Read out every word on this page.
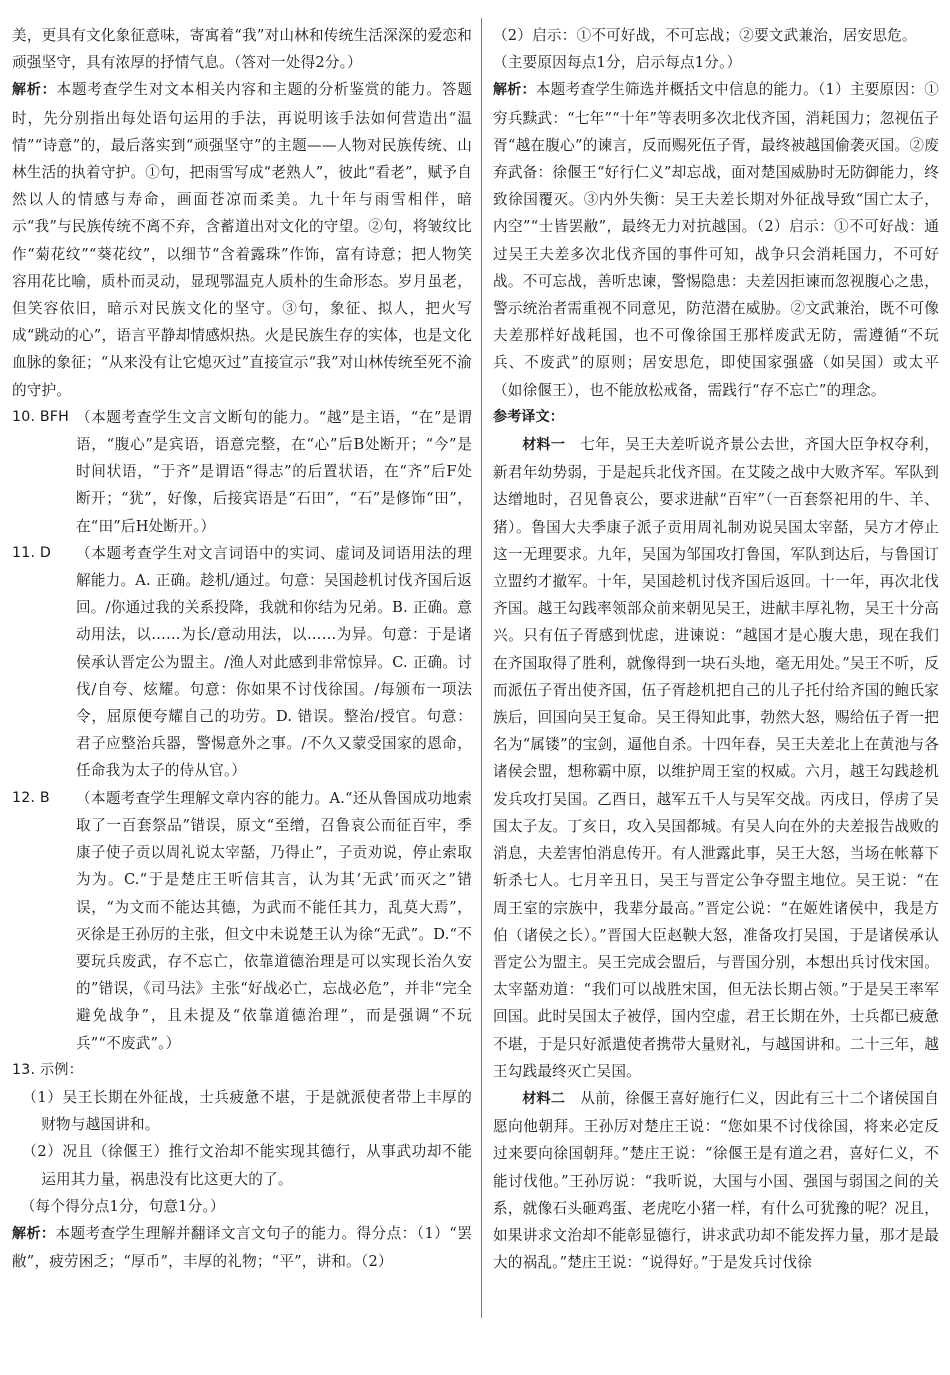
美，更具有文化象征意味，寄寓着“我”对山林和传统生活深深的爱恋和顽强坚守，具有浓厚的抒情气息。（答对一处得2分。）
解析：本题考查学生对文本相关内容和主题的分析鉴赏的能力。答题时，先分别指出每处语句运用的手法，再说明该手法如何营造出“温情”“诗意”的，最后落实到“顽强坚守”的主题——人物对民族传统、山林生活的执着守护。①句，把雨雪写成“老熟人”，彼此“看老”，赋予自然以人的情感与寿命，画面苍凉而柔美。九十年与雨雪相伴，暗示“我”与民族传统不离不弃，含蓄道出对文化的守望。②句，将皱纹比作“菊花纹”“葵花纹”，以细节“含着露珠”作饰，富有诗意；把人物笑容用花比喻，质朴而灵动，显现鄂温克人质朴的生命形态。岁月虽老，但笑容依旧，暗示对民族文化的坚守。③句，象征、拟人，把火写成“跳动的心”，语言平静却情感炽热。火是民族生存的实体，也是文化血脉的象征；“从来没有让它熄灭过”直接宣示“我”对山林传统至死不渝的守护。
10. BFH （本题考查学生文言文断句的能力。“越”是主语，“在”是谓语，“腹心”是宾语，语意完整，在“心”后B处断开；“今”是时间状语，“于齐”是谓语“得志”的后置状语，在“齐”后F处断开；“犹”，好像，后接宾语是“石田”，“石”是修饰“田”，在“田”后H处断开。）
11. D	（本题考查学生对文言词语中的实词、虚词及词语用法的理解能力。A. 正确。趁机/通过。句意：吴国趁机讨伐齐国后返回。/你通过我的关系投降，我就和你结为兄弟。B. 正确。意动用法，以……为长/意动用法，以……为异。句意：于是诸侯承认晋定公为盟主。/渔人对此感到非常惊异。C. 正确。讨伐/自夸、炫耀。句意：你如果不讨伐徐国。/每颁布一项法令，屈原便夸耀自己的功劳。D. 错误。整治/授官。句意：君子应整治兵器，警惕意外之事。/不久又蒙受国家的恩命，任命我为太子的侍从官。）
12. B	（本题考查学生理解文章内容的能力。A.“还从鲁国成功地索取了一百套祭品”错误，原文“至缯，召鲁哀公而征百牢，季康子使子贡以周礼说太宰嚭，乃得止”，子贡劝说，停止索取为为。C.“于是楚庄王听信其言，认为其‘无武’而灭之”错误，“为文而不能达其德，为武而不能任其力，乱莫大焉”，灭徐是王孙厉的主张，但文中未说楚王认为徐“无武”。D.“不要玩兵废武，存不忘亡，依靠道德治理是可以实现长治久安的”错误，《司马法》主张“好战必亡，忘战必危”，并非“完全避免战争”，且未提及“依靠道德治理”，而是强调“不玩兵”“不废武”。）
13. 示例：
（1）吴王长期在外征战，士兵疲惫不堪，于是就派使者带上丰厚的财物与越国讲和。
（2）况且（徐偃王）推行文治却不能实现其德行，从事武功却不能运用其力量，祸患没有比这更大的了。
（每个得分点1分，句意1分。）
解析：本题考查学生理解并翻译文言文句子的能力。得分点：（1）“罢敝”，疲劳困乏；“厚币”，丰厚的礼物；“平”，讲和。（2）
（2）启示：①不可好战，不可忘战；②要文武兼治，居安思危。
（主要原因每点1分，启示每点1分。）
解析：本题考查学生筛选并概括文中信息的能力。（1）主要原因：①穷兵黩武：“七年”“十年”等表明多次北伐齐国，消耗国力；忽视伍子胥“越在腹心”的谏言，反而赐死伍子胥，最终被越国偷袭灭国。②废弃武备：徐偃王“好行仁义”却忘战，面对楚国威胁时无防御能力，终致徐国覆灭。③内外失衡：吴王夫差长期对外征战导致“国亡太子，内空”“士皆罢敝”，最终无力对抗越国。（2）启示：①不可好战：通过吴王夫差多次北伐齐国的事件可知，战争只会消耗国力，不可好战。不可忘战，善听忠谏，警惕隐患：夫差因拒谏而忽视腹心之患，警示统治者需重视不同意见，防范潜在威胁。②文武兼治，既不可像夫差那样好战耗国，也不可像徐国王那样废武无防，需遵循“不玩兵、不废武”的原则；居安思危，即使国家强盛（如吴国）或太平（如徐偃王），也不能放松戒备，需践行“存不忘亡”的理念。
参考译文：
材料一　 七年，吴王夫差听说齐景公去世，齐国大臣争权夺利，新君年幼势弱，于是起兵北伐齐国。在艾陵之战中大败齐军。军队到达缯地时，召见鲁哀公，要求进献“百牢”（一百套祭祀用的牛、羊、猪）。鲁国大夫季康子派子贡用周礼制劝说吴国太宰嚭，吴方才停止这一无理要求。九年，吴国为邹国攻打鲁国，军队到达后，与鲁国订立盟约才撤军。十年，吴国趁机讨伐齐国后返回。十一年，再次北伐齐国。越王勾践率领部众前来朝见吴王，进献丰厚礼物，吴王十分高兴。只有伍子胥感到忧虑，进谏说：“越国才是心腹大患，现在我们在齐国取得了胜利，就像得到一块石头地，毫无用处。”吴王不听，反而派伍子胥出使齐国，伍子胥趁机把自己的儿子托付给齐国的鲍氏家族后，回国向吴王复命。吴王得知此事，勃然大怒，赐给伍子胥一把名为“属镂”的宝剑，逼他自杀。十四年春，吴王夫差北上在黄池与各诸侯会盟，想称霸中原，以维护周王室的权威。六月，越王勾践趁机发兵攻打吴国。乙酉日，越军五千人与吴军交战。丙戌日，俘虏了吴国太子友。丁亥日，攻入吴国都城。有吴人向在外的夫差报告战败的消息，夫差害怕消息传开。有人泄露此事，吴王大怒，当场在帐幕下斩杀七人。七月辛丑日，吴王与晋定公争夺盟主地位。吴王说：“在周王室的宗族中，我辈分最高。”晋定公说：“在姬姓诸侯中，我是方伯（诸侯之长）。”晋国大臣赵鞅大怒，准备攻打吴国，于是诸侯承认晋定公为盟主。吴王完成会盟后，与晋国分别，本想出兵讨伐宋国。太宰嚭劝道：“我们可以战胜宋国，但无法长期占领。”于是吴王率军回国。此时吴国太子被俘，国内空虚，君王长期在外，士兵都已疲惫不堪，于是只好派遣使者携带大量财礼，与越国讲和。二十三年，越王勾践最终灭亡吴国。
材料二　 从前，徐偃王喜好施行仁义，因此有三十二个诸侯国自愿向他朝拜。王孙厉对楚庄王说：“您如果不讨伐徐国，将来必定反过来要向徐国朝拜。”楚庄王说：“徐偃王是有道之君，喜好仁义，不能讨伐他。”王孙厉说：“我听说，大国与小国、强国与弱国之间的关系，就像石头砸鸡蛋、老虎吃小猪一样，有什么可犹豫的呢？况且，如果讲求文治却不能彰显德行，讲求武功却不能发挥力量，那才是最大的祸乱。”楚庄王说：“说得好。”于是发兵讨伐徐
